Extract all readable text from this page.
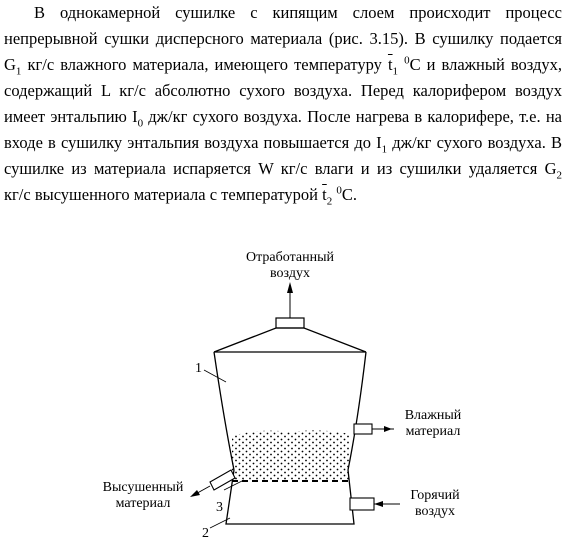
В однокамерной сушилке с кипящим слоем происходит процесс
непрерывной сушки дисперсного материала (рис. 3.15). В сушилку подается
$G_1$ кг/с влажного материала, имеющего температуру $\overline{t}_1$ $^0$С и влажный воздух,
содержащий L кг/с абсолютно сухого воздуха. Перед калорифером воздух
имеет энтальпию $I_0$ дж/кг сухого воздуха. После нагрева в калорифере, т.е. на
входе в сушилку энтальпия воздуха повышается до $I_1$ дж/кг сухого воздуха. В
сушилке из материала испаряется W кг/с влаги и из сушилки удаляется $G_2$
кг/с высушенного материала с температурой $\overline{t}_2$ $^0$С.
Отработанный
воздух
1
3
2
Влажный
материал
Высушенный
материал
Горячий
воздух
